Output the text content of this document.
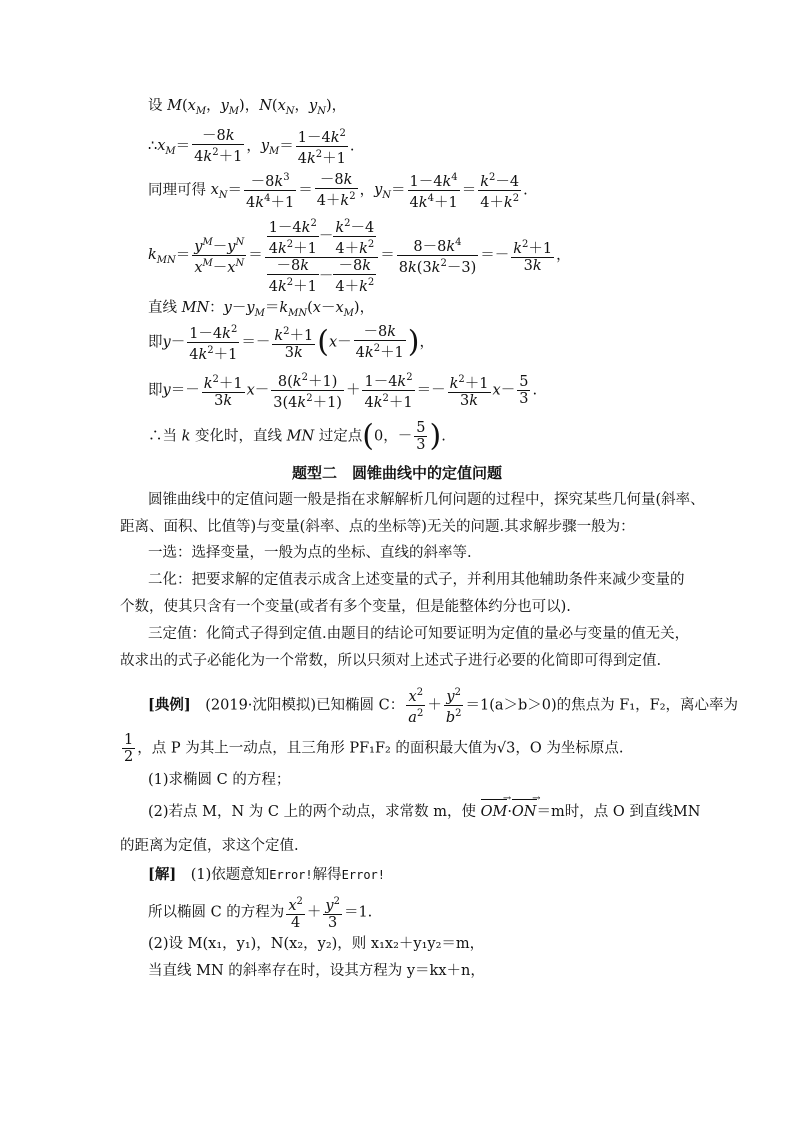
设 $M(x_M$，$y_M$)，$N(x_N$，$y_N$)，
$\therefore x_M= \frac{-8k}{4k^2+1}$ ，$y_M= \frac{1-4k^2}{4k^2+1}$ .
同理可得 $x_N= \frac{-8k^3}{4k^4+1} = \frac{-8k}{4+k^2}$ ，$y_N= \frac{1-4k^4}{4k^4+1} = \frac{k^2-4}{4+k^2}$ .
$k_{MN}= \frac{y^M-y^N}{x^M-x^N} = \frac{\frac{1-4k^2}{4k^2+1} - \frac{k^2-4}{4+k^2}}{\frac{-8k}{4k^2+1} - \frac{-8k}{4+k^2}} = \frac{8-8k^4}{8k(3k^2-3)} =- \frac{k^2+1}{3k}$ ，
直线 MN：$y-y_M=k_{MN}(x-x_M)$，
即$y- \frac{1-4k^2}{4k^2+1} =- \frac{k^2+1}{3k} (x- \frac{-8k}{4k^2+1}$ )，
即$y=- \frac{k^2+1}{3k} x- \frac{8(k^2+1)}{3(4k^2+1)} + \frac{1-4k^2}{4k^2+1} =- \frac{k^2+1}{3k} x- \frac{5}{3}$ .
∴当 k 变化时，直线 MN 过定点(0，－ $\frac{5}{3}$ ).
题型二　圆锥曲线中的定值问题
圆锥曲线中的定值问题一般是指在求解解析几何问题的过程中，探究某些几何量(斜率、
距离、面积、比值等)与变量(斜率、点的坐标等)无关的问题.其求解步骤一般为：
一选：选择变量，一般为点的坐标、直线的斜率等.
二化：把要求解的定值表示成含上述变量的式子，并利用其他辅助条件来减少变量的
个数，使其只含有一个变量(或者有多个变量，但是能整体约分也可以).
三定值：化简式子得到定值.由题目的结论可知要证明为定值的量必与变量的值无关，
故求出的式子必能化为一个常数，所以只须对上述式子进行必要的化简即可得到定值.
[典例]　 (2019·沈阳模拟)已知椭圆 C： $\frac{x^2}{a^2} + \frac{y^2}{b^2} =1(a>b>0)$的焦点为 F₁，F₂，离心率为
$\frac{1}{2}$ ，点 P 为其上一动点，且三角形 PF₁F₂ 的面积最大值为√3，O 为坐标原点.
(1)求椭圆 C 的方程；
(2)若点 M，N 为 C 上的两个动点，求常数 m，使 OM →·ON →＝m时，点 O 到直线MN
的距离为定值，求这个定值.
[解]　 (1)依题意知Error!解得Error!
所以椭圆 C 的方程为 $\frac{x^2}{4} + \frac{y^2}{3} =1$.
(2)设 M(x₁，y₁)，N(x₂，y₂)，则 x₁x₂＋y₁y₂＝m，
当直线 MN 的斜率存在时，设其方程为 y＝kx＋n，
